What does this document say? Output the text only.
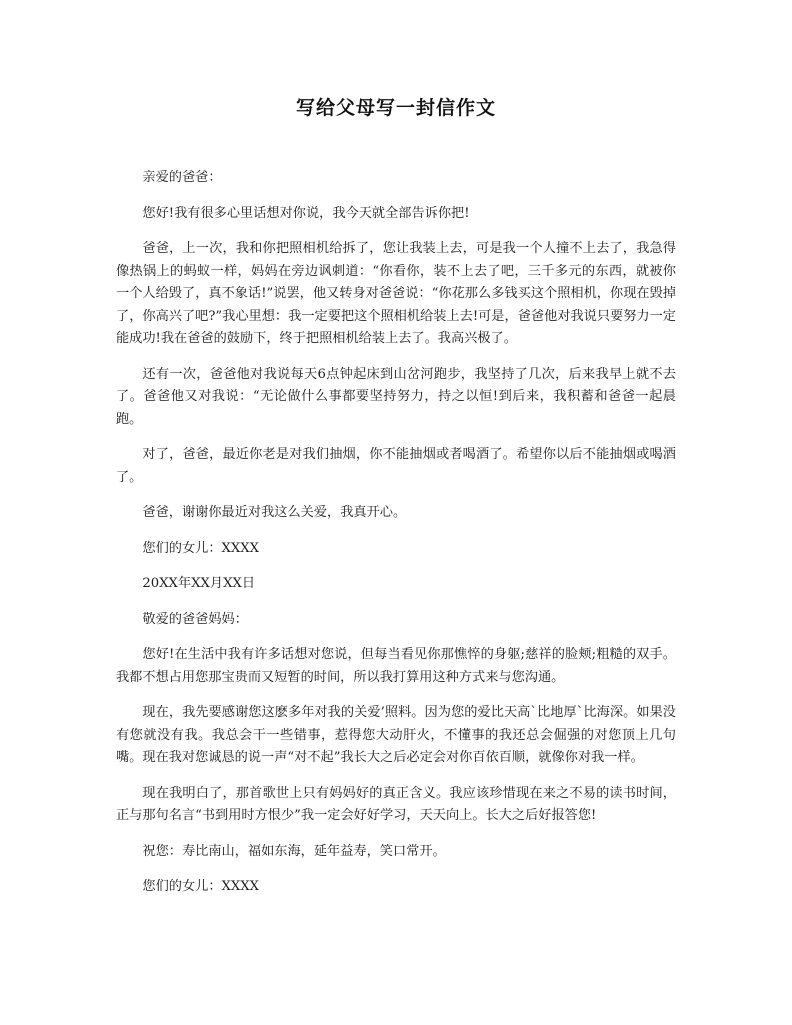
写给父母写一封信作文

亲爱的爸爸：

您好!我有很多心里话想对你说，我今天就全部告诉你把!

爸爸，上一次，我和你把照相机给拆了，您让我装上去，可是我一个人撞不上去了，我急得像热锅上的蚂蚁一样，妈妈在旁边讽刺道：“你看你，装不上去了吧，三千多元的东西，就被你一个人给毁了，真不象话!”说罢，他又转身对爸爸说：“你花那么多钱买这个照相机，你现在毁掉了，你高兴了吧?”我心里想：我一定要把这个照相机给装上去!可是，爸爸他对我说只要努力一定能成功!我在爸爸的鼓励下，终于把照相机给装上去了。我高兴极了。

还有一次，爸爸他对我说每天6点钟起床到山岔河跑步，我坚持了几次，后来我早上就不去了。爸爸他又对我说：“无论做什么事都要坚持努力，持之以恒!到后来，我积蓄和爸爸一起晨跑。

对了，爸爸，最近你老是对我们抽烟，你不能抽烟或者喝酒了。希望你以后不能抽烟或喝酒了。

爸爸，谢谢你最近对我这么关爱，我真开心。

您们的女儿：XXXX

20XX年XX月XX日

敬爱的爸爸妈妈：

您好!在生活中我有许多话想对您说，但每当看见你那憔悴的身躯;慈祥的脸颊;粗糙的双手。我都不想占用您那宝贵而又短暂的时间，所以我打算用这种方式来与您沟通。

现在，我先要感谢您这麽多年对我的关爱’照料。因为您的爱比天高`比地厚`比海深。如果没有您就没有我。我总会干一些错事，惹得您大动肝火，不懂事的我还总会倔强的对您顶上几句嘴。现在我对您诚恳的说一声“对不起”我长大之后必定会对你百依百顺，就像你对我一样。

现在我明白了，那首歌世上只有妈妈好的真正含义。我应该珍惜现在来之不易的读书时间，正与那句名言“书到用时方恨少”我一定会好好学习，天天向上。长大之后好报答您!

祝您：寿比南山，福如东海，延年益寿，笑口常开。

您们的女儿：XXXX
